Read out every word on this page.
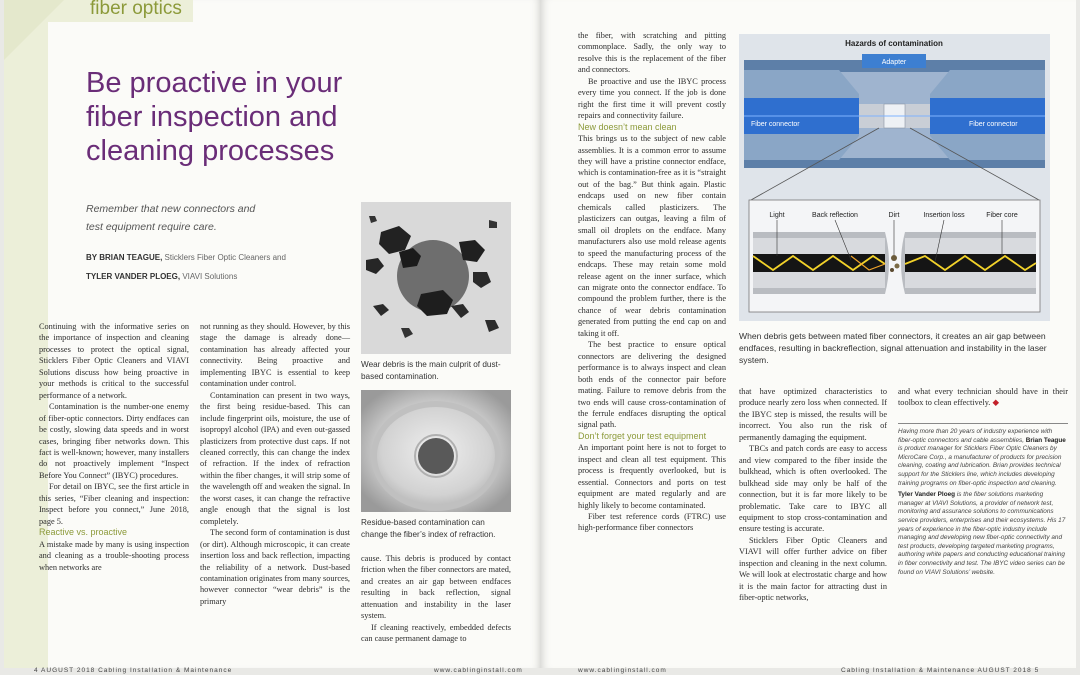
fiber optics
Be proactive in your
fiber inspection and
cleaning processes
Remember that new connectors and
test equipment require care.
BY BRIAN TEAGUE, Sticklers Fiber Optic Cleaners and
TYLER VANDER PLOEG, VIAVI Solutions

Continuing with the informative series on the importance of inspection and cleaning processes to protect the optical signal, Sticklers Fiber Optic Cleaners and VIAVI Solutions discuss how being proactive in your methods is critical to the successful performance of a network.

Contamination is the number-one enemy of fiber-optic connectors. Dirty endfaces can be costly, slowing data speeds and in worst cases, bringing fiber networks down. This fact is well-known; however, many installers do not proactively implement “Inspect Before You Connect” (IBYC) procedures.

For detail on IBYC, see the first article in this series, “Fiber cleaning and inspection: Inspect before you connect,” June 2018, page 5.

Reactive vs. proactive

A mistake made by many is using inspection and cleaning as a trouble-shooting process when networks are

not running as they should. However, by this stage the damage is already done—contamination has already affected your connectivity. Being proactive and implementing IBYC is essential to keep contamination under control.

Contamination can present in two ways, the first being residue-based. This can include fingerprint oils, moisture, the use of isopropyl alcohol (IPA) and even out-gassed plasticizers from protective dust caps. If not cleaned correctly, this can change the index of refraction. If the index of refraction within the fiber changes, it will strip some of the wavelength off and weaken the signal. In the worst cases, it can change the refractive angle enough that the signal is lost completely.

The second form of contamination is dust (or dirt). Although microscopic, it can create insertion loss and back reflection, impacting the reliability of a network. Dust-based contamination originates from many sources, however connector “wear debris” is the primary

Wear debris is the main culprit of dust-based contamination.
Residue-based contamination can change the fiber’s index of refraction.

cause. This debris is produced by contact friction when the fiber connectors are mated, and creates an air gap between endfaces resulting in back reflection, signal attenuation and instability in the laser system.

If cleaning reactively, embedded defects can cause permanent damage to

4 AUGUST 2018 Cabling Installation & Maintenance	www.cablinginstall.com

the fiber, with scratching and pitting commonplace. Sadly, the only way to resolve this is the replacement of the fiber and connectors.

Be proactive and use the IBYC process every time you connect. If the job is done right the first time it will prevent costly repairs and connectivity failure.

New doesn’t mean clean

This brings us to the subject of new cable assemblies. It is a common error to assume they will have a pristine connector endface, which is contamination-free as it is “straight out of the bag.” But think again. Plastic endcaps used on new fiber contain chemicals called plasticizers. The plasticizers can outgas, leaving a film of small oil droplets on the endface. Many manufacturers also use mold release agents to speed the manufacturing process of the endcaps. These may retain some mold release agent on the inner surface, which can migrate onto the connector endface. To compound the problem further, there is the chance of wear debris contamination generated from putting the end cap on and taking it off.

The best practice to ensure optical connectors are delivering the designed performance is to always inspect and clean both ends of the connector pair before mating. Failure to remove debris from the two ends will cause cross-contamination of the ferrule endfaces disrupting the optical signal path.

Don’t forget your test equipment

An important point here is not to forget to inspect and clean all test equipment. This process is frequently overlooked, but is essential. Connectors and ports on test equipment are mated regularly and are highly likely to become contaminated.

Fiber test reference cords (FTRC) use high-performance fiber connectors

Hazards of contamination
Adapter
Fiber connector	Fiber connector
Light	Back reflection	Dirt	Insertion loss	Fiber core
When debris gets between mated fiber connectors, it creates an air gap between endfaces, resulting in backreflection, signal attenuation and instability in the laser system.

that have optimized characteristics to produce nearly zero loss when connected. If the IBYC step is missed, the results will be incorrect. You also run the risk of permanently damaging the equipment.

TBCs and patch cords are easy to access and view compared to the fiber inside the bulkhead, which is often overlooked. The bulkhead side may only be half of the connection, but it is far more likely to be problematic. Take care to IBYC all equipment to stop cross-contamination and ensure testing is accurate.

Sticklers Fiber Optic Cleaners and VIAVI will offer further advice on fiber inspection and cleaning in the next column. We will look at electrostatic charge and how it is the main factor for attracting dust in fiber-optic networks,

and what every technician should have in their toolbox to clean effectively. ◆

Having more than 20 years of industry experience with fiber-optic connectors and cable assemblies, Brian Teague is product manager for Sticklers Fiber Optic Cleaners by MicroCare Corp., a manufacturer of products for precision cleaning, coating and lubrication. Brian provides technical support for the Sticklers line, which includes developing training programs on fiber-optic inspection and cleaning.

Tyler Vander Ploeg is the fiber solutions marketing manager at VIAVI Solutions, a provider of network test, monitoring and assurance solutions to communications service providers, enterprises and their ecosystems. His 17 years of experience in the fiber-optic industry include managing and developing new fiber-optic connectivity and test products, developing targeted marketing programs, authoring white papers and conducting educational training in fiber connectivity and test. The IBYC video series can be found on VIAVI Solutions’ website.

www.cablinginstall.com	Cabling Installation & Maintenance AUGUST 2018 5
